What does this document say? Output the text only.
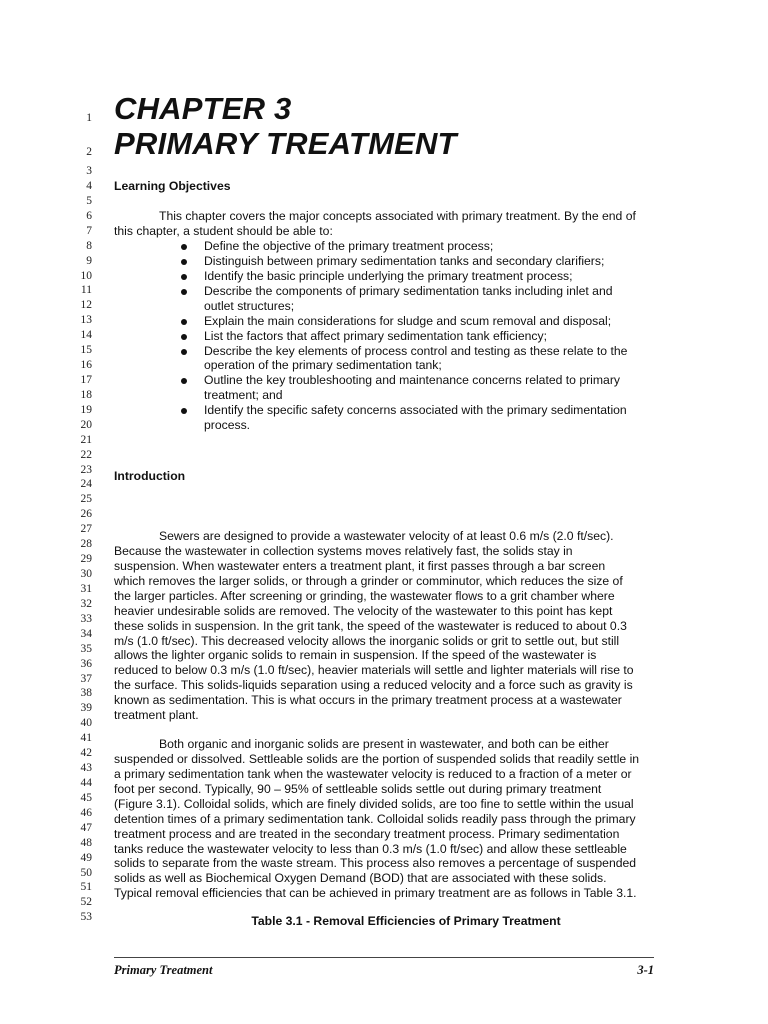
1
2
3
4
5
6
7
8
9
10
11
12
13
14
15
16
17
18
19
20
21
22
23
24
25
26
27
28
29
30
31
32
33
34
35
36
37
38
39
40
41
42
43
44
45
46
47
48
49
50
51
52
53
CHAPTER 3
PRIMARY TREATMENT
Learning Objectives
This chapter covers the major concepts associated with primary treatment. By the end of
this chapter, a student should be able to:
Define the objective of the primary treatment process;
Distinguish between primary sedimentation tanks and secondary clarifiers;
Identify the basic principle underlying the primary treatment process;
Describe the components of primary sedimentation tanks including inlet and
outlet structures;
Explain the main considerations for sludge and scum removal and disposal;
List the factors that affect primary sedimentation tank efficiency;
Describe the key elements of process control and testing as these relate to the
operation of the primary sedimentation tank;
Outline the key troubleshooting and maintenance concerns related to primary
treatment; and
Identify the specific safety concerns associated with the primary sedimentation
process.
Introduction
Sewers are designed to provide a wastewater velocity of at least 0.6 m/s (2.0 ft/sec).
Because the wastewater in collection systems moves relatively fast, the solids stay in
suspension. When wastewater enters a treatment plant, it first passes through a bar screen
which removes the larger solids, or through a grinder or comminutor, which reduces the size of
the larger particles. After screening or grinding, the wastewater flows to a grit chamber where
heavier undesirable solids are removed. The velocity of the wastewater to this point has kept
these solids in suspension. In the grit tank, the speed of the wastewater is reduced to about 0.3
m/s (1.0 ft/sec). This decreased velocity allows the inorganic solids or grit to settle out, but still
allows the lighter organic solids to remain in suspension. If the speed of the wastewater is
reduced to below 0.3 m/s (1.0 ft/sec), heavier materials will settle and lighter materials will rise to
the surface. This solids-liquids separation using a reduced velocity and a force such as gravity is
known as sedimentation. This is what occurs in the primary treatment process at a wastewater
treatment plant.
Both organic and inorganic solids are present in wastewater, and both can be either
suspended or dissolved. Settleable solids are the portion of suspended solids that readily settle in
a primary sedimentation tank when the wastewater velocity is reduced to a fraction of a meter or
foot per second. Typically, 90 – 95% of settleable solids settle out during primary treatment
(Figure 3.1). Colloidal solids, which are finely divided solids, are too fine to settle within the usual
detention times of a primary sedimentation tank. Colloidal solids readily pass through the primary
treatment process and are treated in the secondary treatment process. Primary sedimentation
tanks reduce the wastewater velocity to less than 0.3 m/s (1.0 ft/sec) and allow these settleable
solids to separate from the waste stream. This process also removes a percentage of suspended
solids as well as Biochemical Oxygen Demand (BOD) that are associated with these solids.
Typical removal efficiencies that can be achieved in primary treatment are as follows in Table 3.1.
Table 3.1 - Removal Efficiencies of Primary Treatment
Primary Treatment	3-1
